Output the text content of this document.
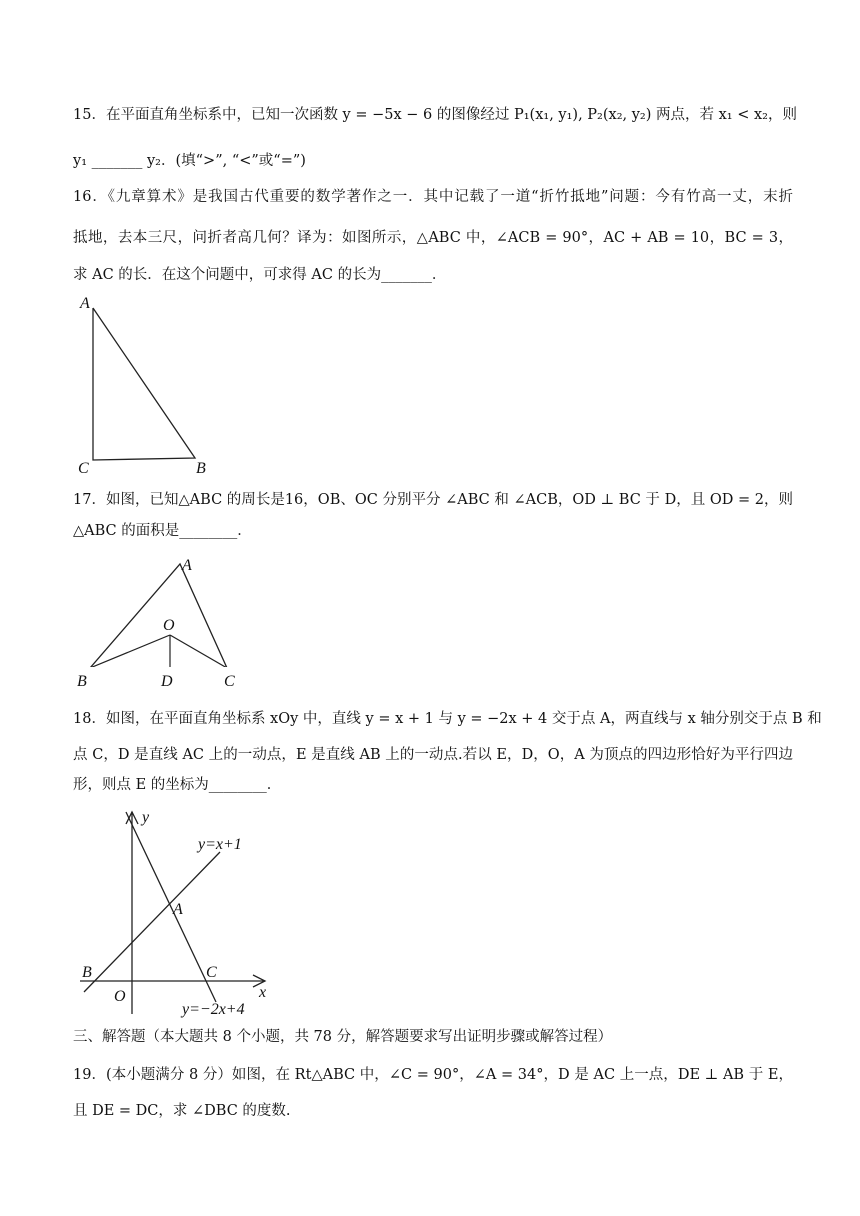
15．在平面直角坐标系中，已知一次函数 y = −5x − 6 的图像经过 P₁(x₁, y₁), P₂(x₂, y₂) 两点，若 x₁ < x₂，则
y₁ _______ y₂．(填“>”, “<”或“=”)
16．《九章算术》是我国古代重要的数学著作之一．其中记载了一道“折竹抵地”问题：今有竹高一丈，末折
抵地，去本三尺，问折者高几何？译为：如图所示，△ABC 中，∠ACB = 90°，AC + AB = 10，BC = 3，
求 AC 的长．在这个问题中，可求得 AC 的长为_______．
A
C	B
17．如图，已知△ABC 的周长是16，OB、OC 分别平分 ∠ABC 和 ∠ACB，OD ⊥ BC 于 D，且 OD = 2，则
△ABC 的面积是________．
A
O
B	D	C
18．如图，在平面直角坐标系 xOy 中，直线 y = x + 1 与 y = −2x + 4 交于点 A，两直线与 x 轴分别交于点 B 和
点 C，D 是直线 AC 上的一动点，E 是直线 AB 上的一动点.若以 E，D，O，A 为顶点的四边形恰好为平行四边
形，则点 E 的坐标为________．
y
y=x+1
A
B	C
O	x
y=−2x+4
三、解答题（本大题共 8 个小题，共 78 分，解答题要求写出证明步骤或解答过程）
19．(本小题满分 8 分）如图，在 Rt△ABC 中，∠C = 90°，∠A = 34°，D 是 AC 上一点，DE ⊥ AB 于 E，
且 DE = DC，求 ∠DBC 的度数.
